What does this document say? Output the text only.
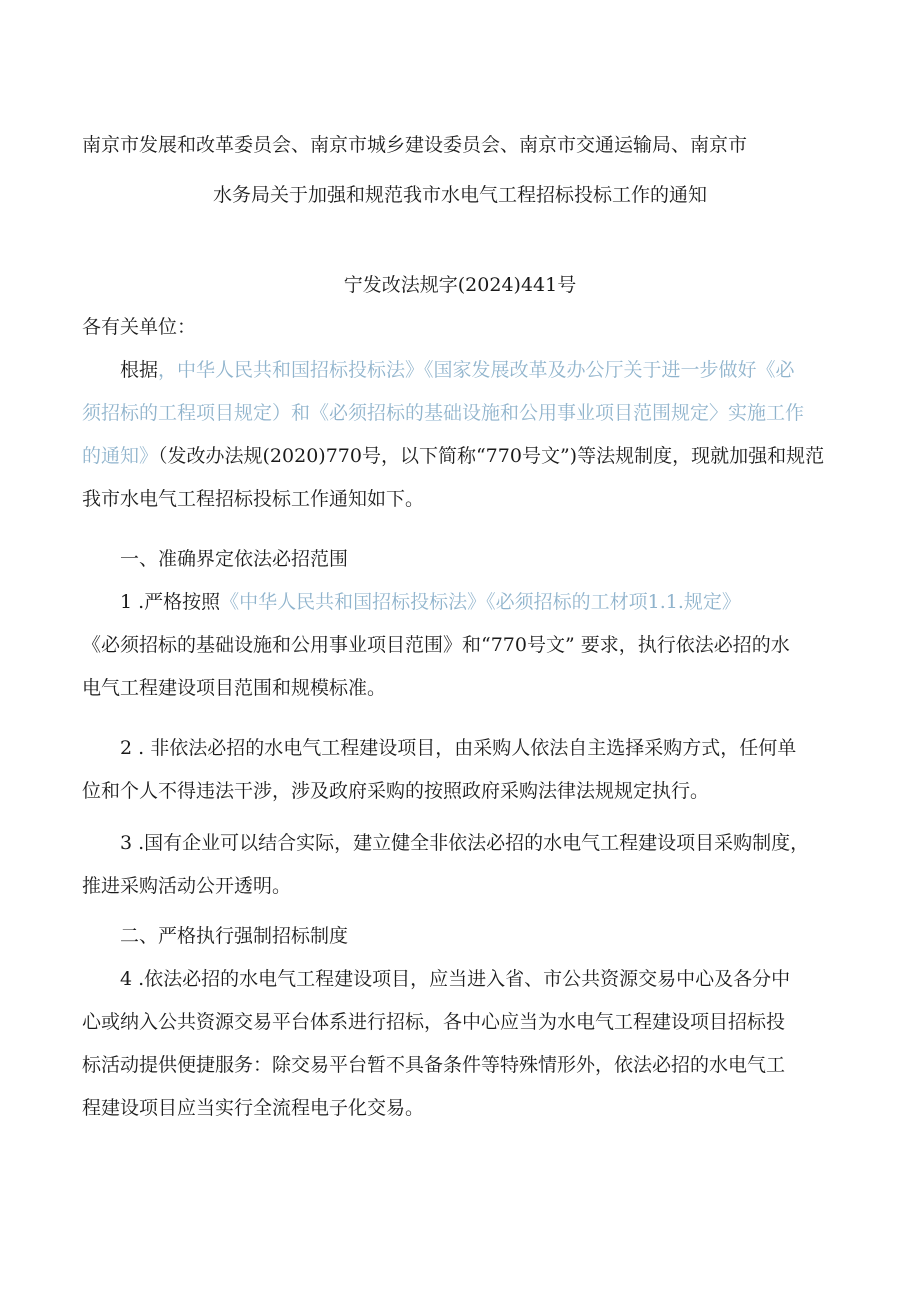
南京市发展和改革委员会、南京市城乡建设委员会、南京市交通运输局、南京市
水务局关于加强和规范我市水电气工程招标投标工作的通知
宁发改法规字(2024)441号
各有关单位：
根据，中华人民共和国招标投标法》《国家发展改革及办公厅关于进一步做好《必
须招标的工程项目规定）和《必须招标的基础设施和公用事业项目范围规定〉实施工作
的通知》（发改办法规(2020)770号，以下简称“770号文”)等法规制度，现就加强和规范
我市水电气工程招标投标工作通知如下。
一、准确界定依法必招范围
1 .严格按照《中华人民共和国招标投标法》《必须招标的工材项1.1.规定》
《必须招标的基础设施和公用事业项目范围》和“770号文” 要求，执行依法必招的水
电气工程建设项目范围和规模标准。
2 . 非依法必招的水电气工程建设项目，由采购人依法自主选择采购方式，任何单
位和个人不得违法干涉，涉及政府采购的按照政府采购法律法规规定执行。
3 .国有企业可以结合实际，建立健全非依法必招的水电气工程建设项目采购制度，
推进采购活动公开透明。
二、严格执行强制招标制度
4 .依法必招的水电气工程建设项目，应当进入省、市公共资源交易中心及各分中
心或纳入公共资源交易平台体系进行招标，各中心应当为水电气工程建设项目招标投
标活动提供便捷服务：除交易平台暂不具备条件等特殊情形外，依法必招的水电气工
程建设项目应当实行全流程电子化交易。
